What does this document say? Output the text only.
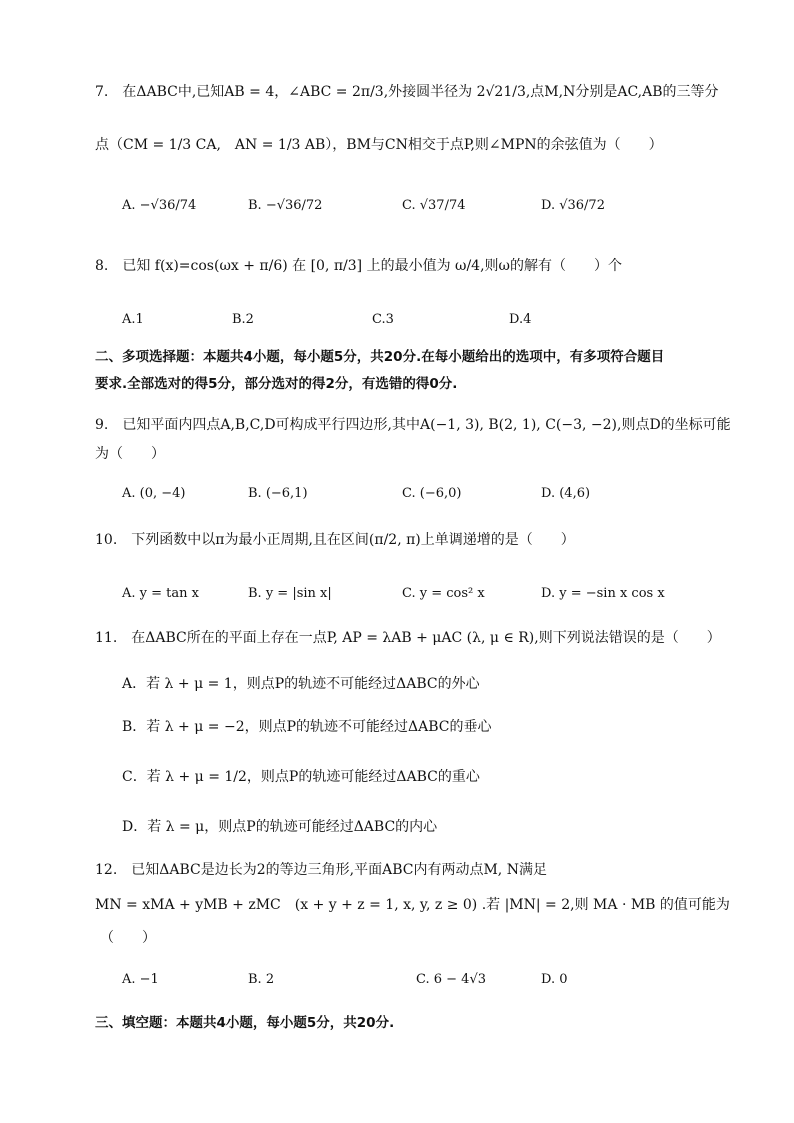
7.　在ΔABC中,已知AB = 4，∠ABC = 2π/3,外接圆半径为 2√21/3,点M,N分别是AC,AB的三等分
点（CM = 1/3 CA,　AN = 1/3 AB），BM与CN相交于点P,则∠MPN的余弦值为（　　）
A. −√36/74	B. −√36/72	C. √37/74	D. √36/72
8.　已知 f(x)=cos(ωx + π/6) 在 [0, π/3] 上的最小值为 ω/4,则ω的解有（　　）个
A.1	B.2	C.3	D.4
二、多项选择题：本题共4小题，每小题5分，共20分.在每小题给出的选项中，有多项符合题目
要求.全部选对的得5分，部分选对的得2分，有选错的得0分.
9.　已知平面内四点A,B,C,D可构成平行四边形,其中A(−1, 3), B(2, 1), C(−3, −2),则点D的坐标可能
为（　　）
A. (0, −4)	B. (−6,1)	C. (−6,0)	D. (4,6)
10.　下列函数中以π为最小正周期,且在区间(π/2, π)上单调递增的是（　　）
A. y = tan x	B. y = |sin x|	C. y = cos² x	D. y = −sin x cos x
11.　在ΔABC所在的平面上存在一点P, AP = λAB + μAC (λ, μ ∈ R),则下列说法错误的是（　　）
A．若 λ + μ = 1，则点P的轨迹不可能经过ΔABC的外心
B．若 λ + μ = −2，则点P的轨迹不可能经过ΔABC的垂心
C．若 λ + μ = 1/2，则点P的轨迹可能经过ΔABC的重心
D．若 λ = μ，则点P的轨迹可能经过ΔABC的内心
12.　已知ΔABC是边长为2的等边三角形,平面ABC内有两动点M, N满足
MN = xMA + yMB + zMC　(x + y + z = 1, x, y, z ≥ 0) .若 |MN| = 2,则 MA · MB 的值可能为
（　　）
A. −1	B. 2	C. 6 − 4√3	D. 0
三、填空题：本题共4小题，每小题5分，共20分.
